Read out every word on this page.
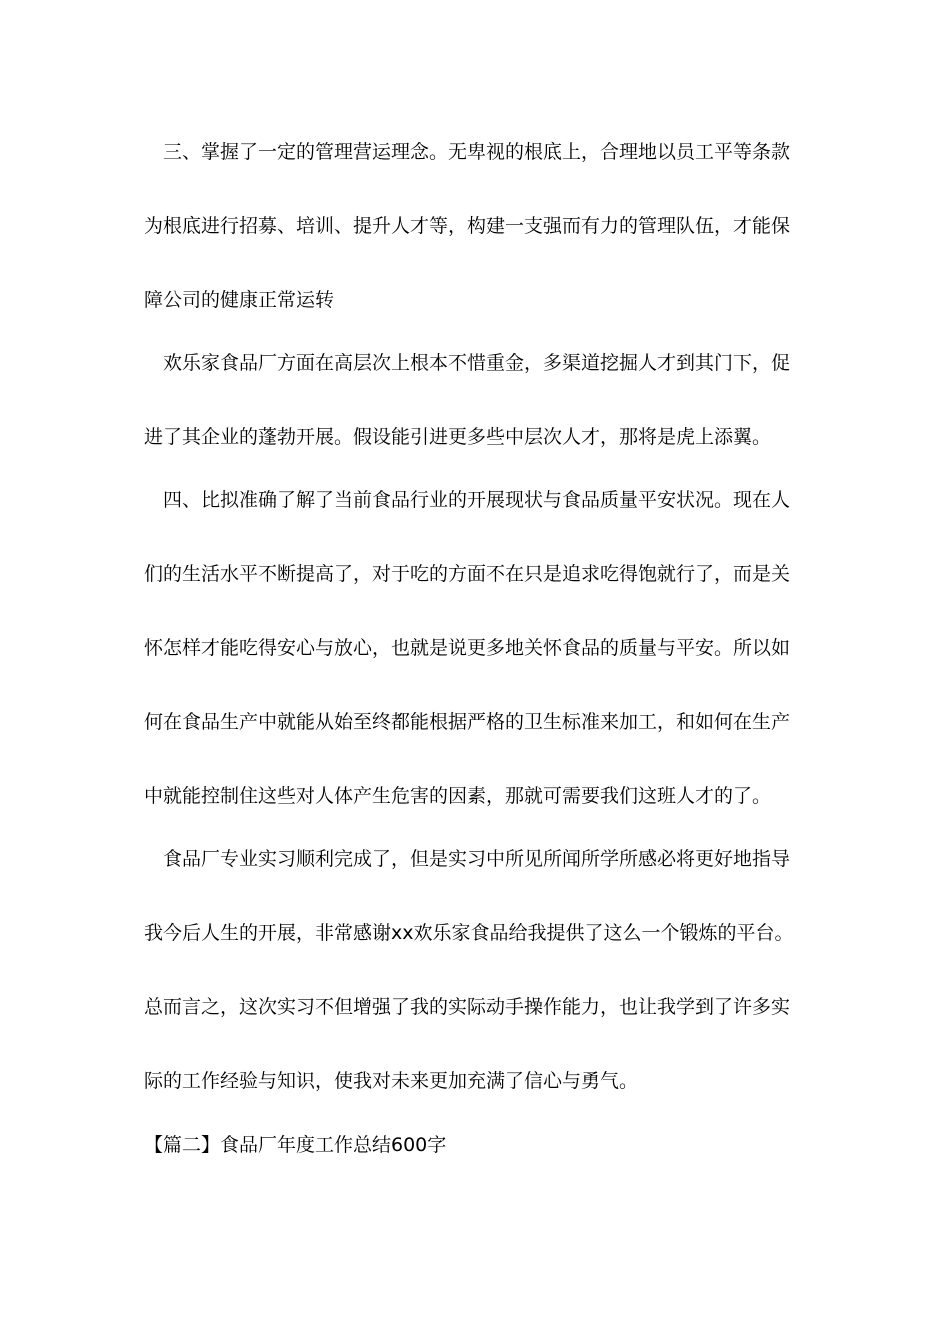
三、掌握了一定的管理营运理念。无卑视的根底上，合理地以员工平等条款
为根底进行招募、培训、提升人才等，构建一支强而有力的管理队伍，才能保
障公司的健康正常运转
欢乐家食品厂方面在高层次上根本不惜重金，多渠道挖掘人才到其门下，促
进了其企业的蓬勃开展。假设能引进更多些中层次人才，那将是虎上添翼。
四、比拟准确了解了当前食品行业的开展现状与食品质量平安状况。现在人
们的生活水平不断提高了，对于吃的方面不在只是追求吃得饱就行了，而是关
怀怎样才能吃得安心与放心，也就是说更多地关怀食品的质量与平安。所以如
何在食品生产中就能从始至终都能根据严格的卫生标准来加工，和如何在生产
中就能控制住这些对人体产生危害的因素，那就可需要我们这班人才的了。
食品厂专业实习顺利完成了，但是实习中所见所闻所学所感必将更好地指导
我今后人生的开展，非常感谢xx欢乐家食品给我提供了这么一个锻炼的平台。
总而言之，这次实习不但增强了我的实际动手操作能力，也让我学到了许多实
际的工作经验与知识，使我对未来更加充满了信心与勇气。
【篇二】食品厂年度工作总结600字
